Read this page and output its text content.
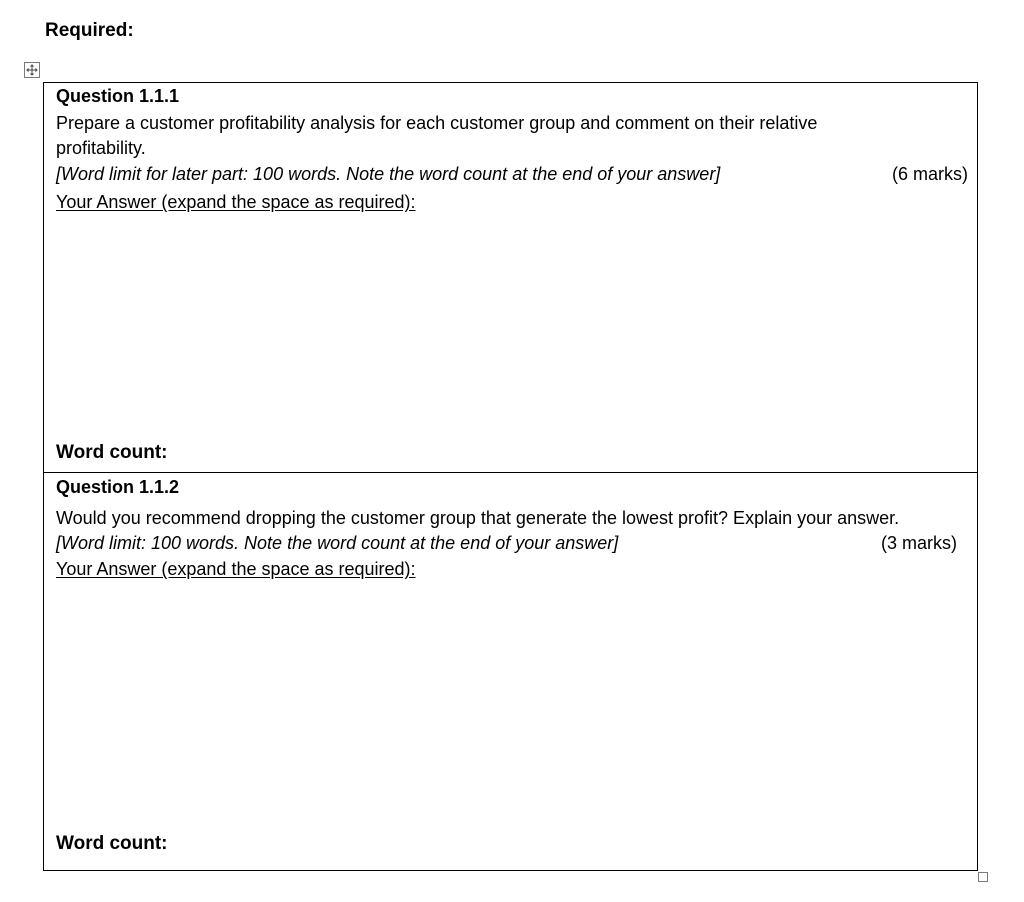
Required:
Question 1.1.1
Prepare a customer profitability analysis for each customer group and comment on their relative profitability.
[Word limit for later part: 100 words. Note the word count at the end of your answer]	(6 marks)
Your Answer (expand the space as required):
Word count:
Question 1.1.2
Would you recommend dropping the customer group that generate the lowest profit? Explain your answer.
[Word limit: 100 words. Note the word count at the end of your answer]	(3 marks)
Your Answer (expand the space as required):
Word count:
